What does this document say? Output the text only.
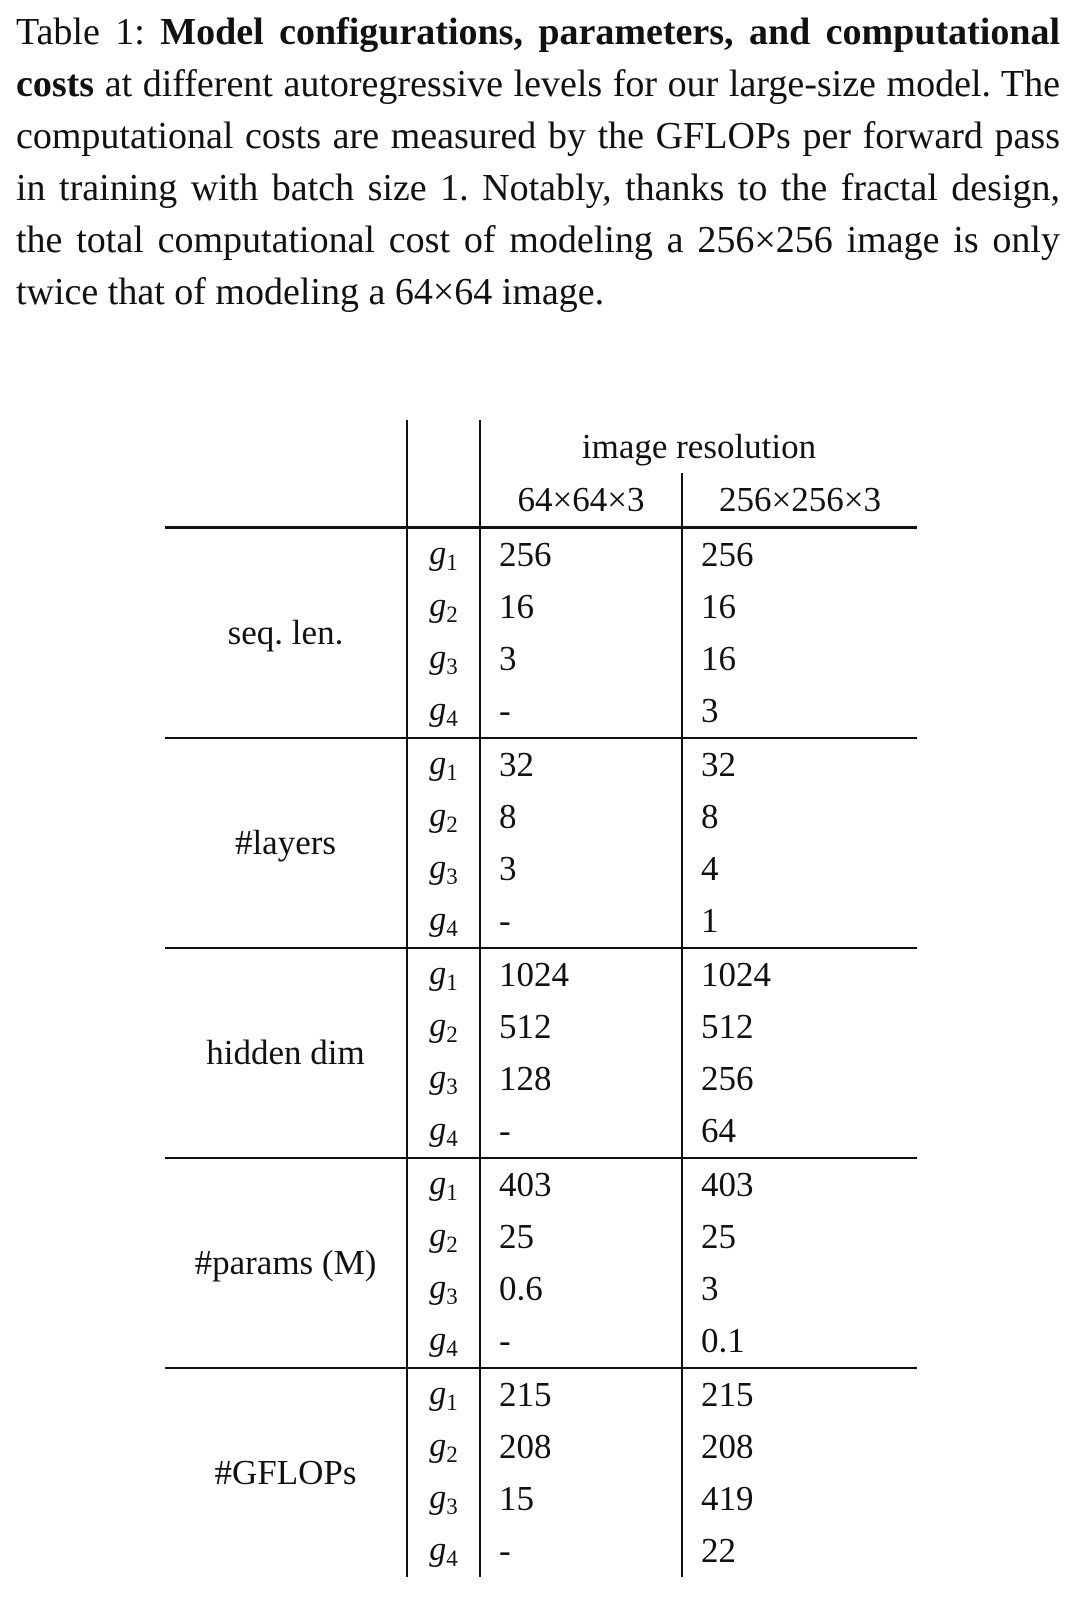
Table 1: Model configurations, parameters, and computational costs at different autoregressive levels for our large-size model. The computational costs are measured by the GFLOPs per forward pass in training with batch size 1. Notably, thanks to the fractal design, the total computational cost of modeling a 256×256 image is only twice that of modeling a 64×64 image.
		image resolution	
		64×64×3	256×256×3
seq. len.	$g_1$	256	256
	$g_2$	16	16
	$g_3$	3	16
	$g_4$	-	3
#layers	$g_1$	32	32
	$g_2$	8	8
	$g_3$	3	4
	$g_4$	-	1
hidden dim	$g_1$	1024	1024
	$g_2$	512	512
	$g_3$	128	256
	$g_4$	-	64
#params (M)	$g_1$	403	403
	$g_2$	25	25
	$g_3$	0.6	3
	$g_4$	-	0.1
#GFLOPs	$g_1$	215	215
	$g_2$	208	208
	$g_3$	15	419
	$g_4$	-	22
